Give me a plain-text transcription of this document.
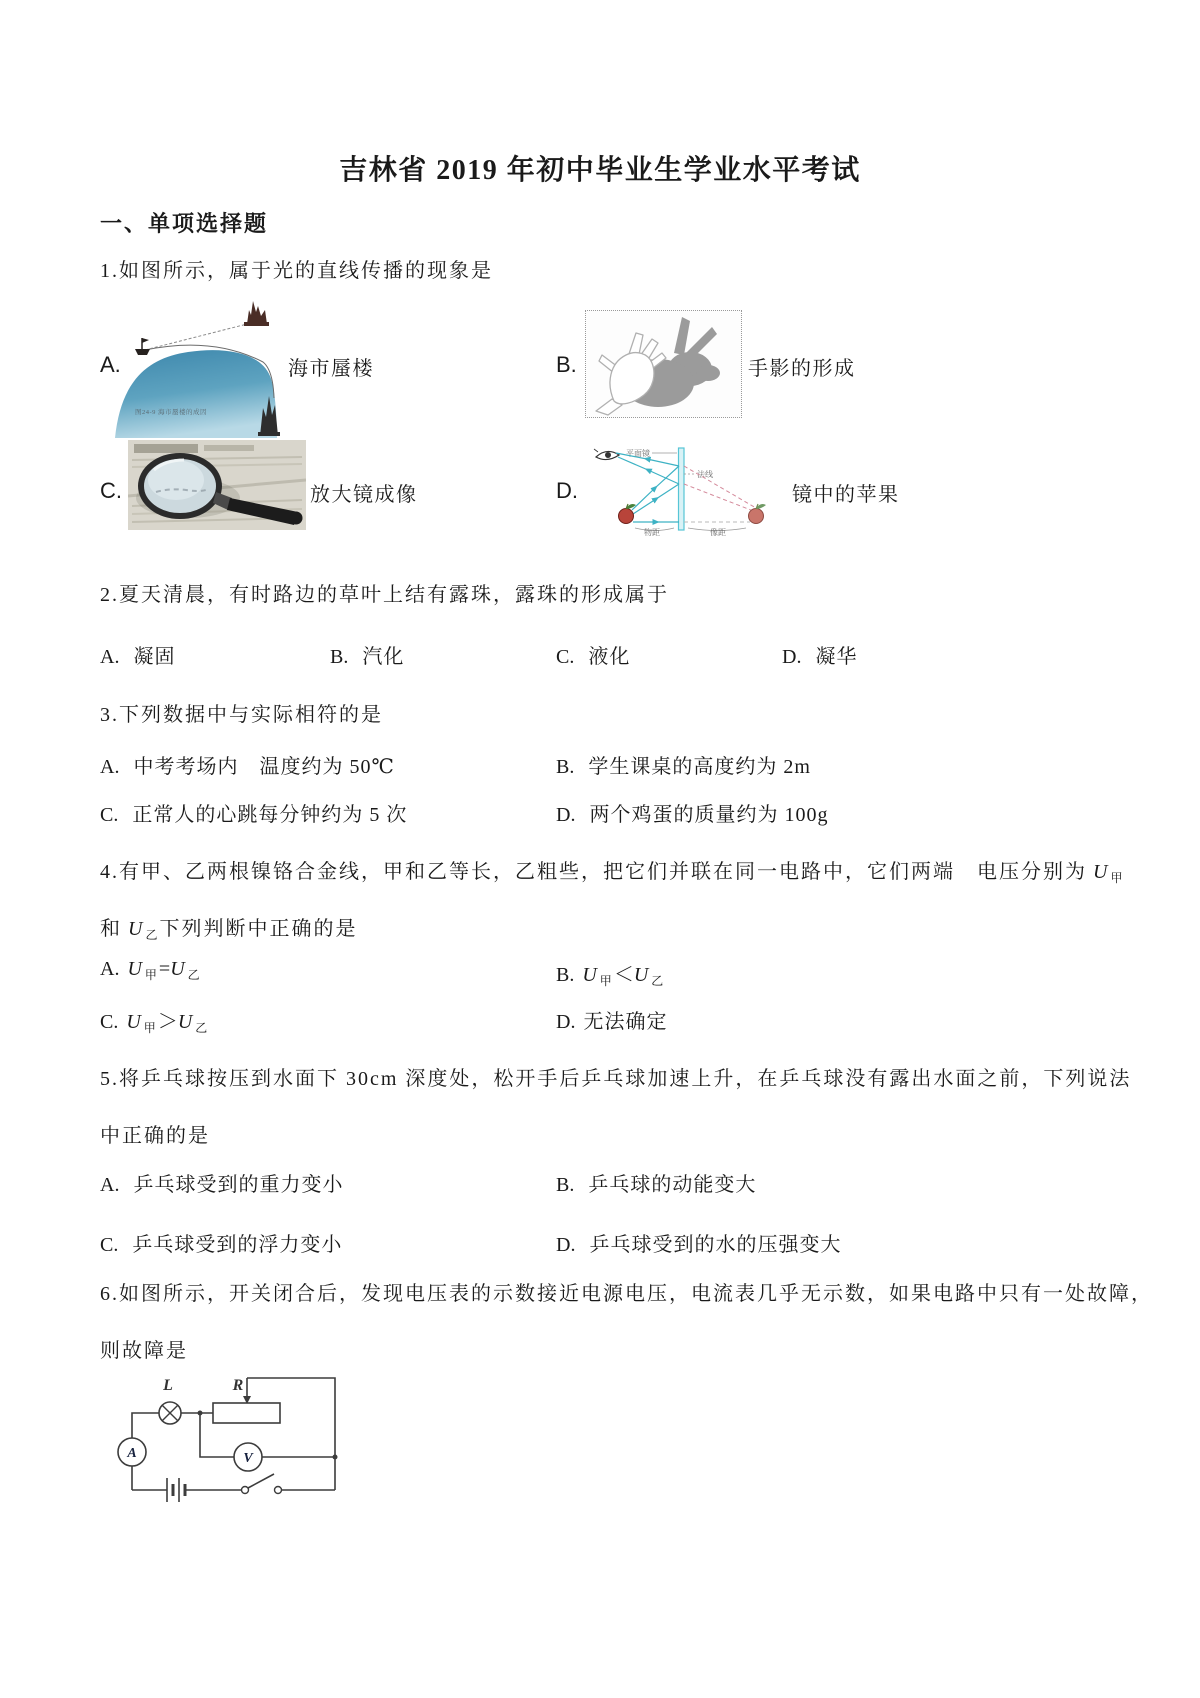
吉林省 2019 年初中毕业生学业水平考试
一、单项选择题
1.如图所示，属于光的直线传播的现象是
A.
图24-9 海市蜃楼的成因
海市蜃楼	B.	手影的形成
C.	放大镜成像	D.
平面镜
法线
物距	像距
镜中的苹果
2.夏天清晨，有时路边的草叶上结有露珠，露珠的形成属于
A. 凝固	B. 汽化	C. 液化	D. 凝华
3.下列数据中与实际相符的是
A. 中考考场内　温度约为 50℃	B. 学生课桌的高度约为 2m
C. 正常人的心跳每分钟约为 5 次	D. 两个鸡蛋的质量约为 100g
4.有甲、乙两根镍铬合金线，甲和乙等长，乙粗些，把它们并联在同一电路中，它们两端　电压分别为 U $_甲$
和 U $_乙$ 下列判断中正确的是
A. U $_甲$ =U $_乙$	B. U $_甲$ ＜U $_乙$
C. U $_甲$ ＞U $_乙$	D. 无法确定
5.将乒乓球按压到水面下 30cm 深度处，松开手后乒乓球加速上升，在乒乓球没有露出水面之前，下列说法
中正确的是
A. 乒乓球受到的重力变小	B. 乒乓球的动能变大
C. 乒乓球受到的浮力变小	D. 乒乓球受到的水的压强变大
6.如图所示，开关闭合后，发现电压表的示数接近电源电压，电流表几乎无示数，如果电路中只有一处故障，
则故障是
L	R
A	V
